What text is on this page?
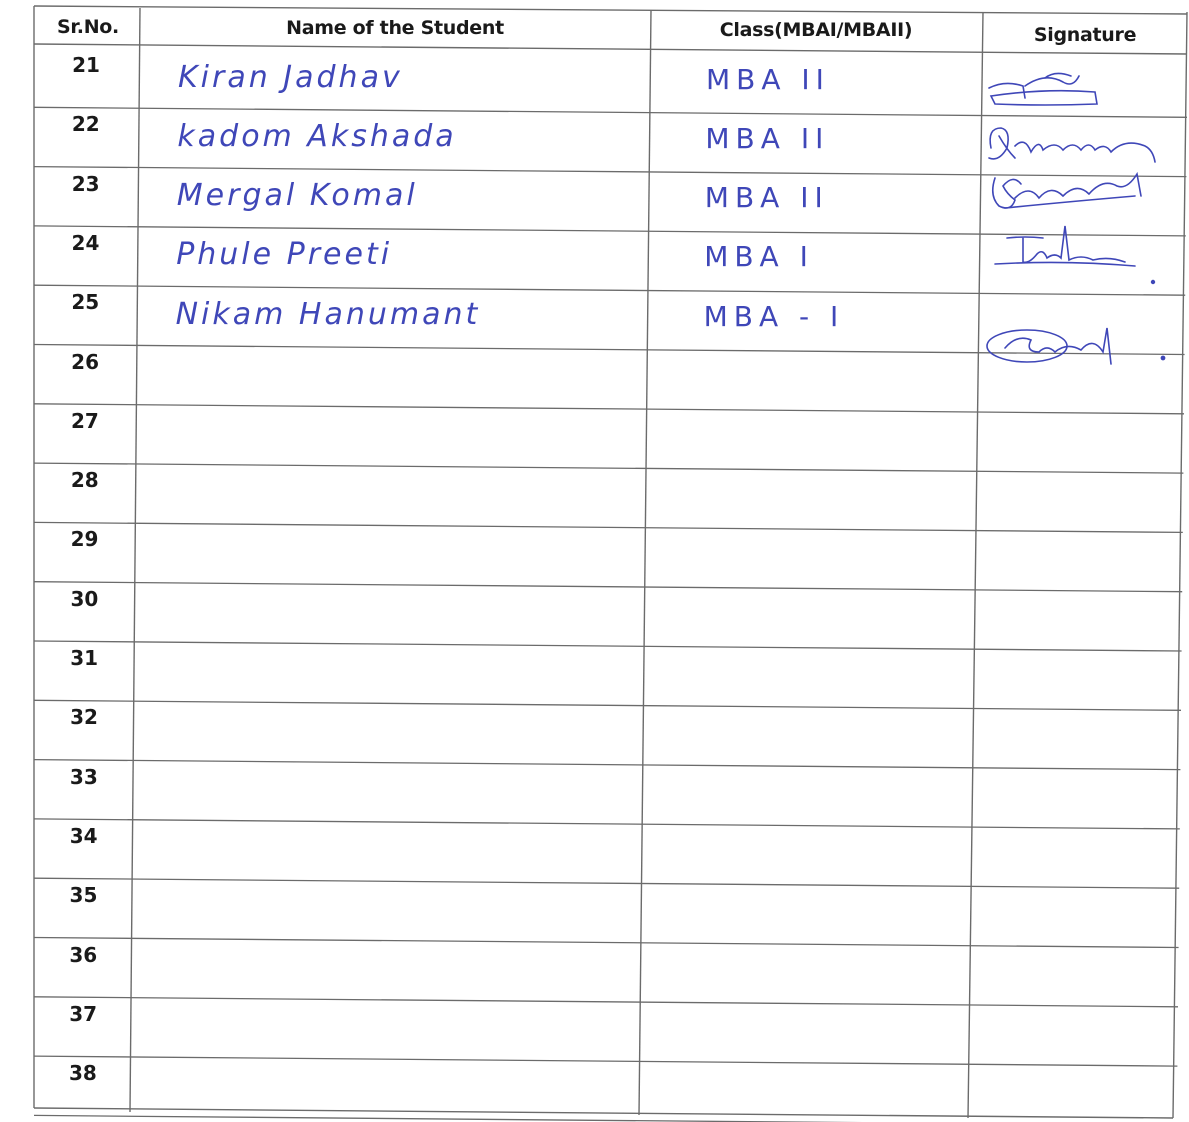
Sr.No.	Name of the Student	Class(MBAI/MBAII)	Signature
21	Kiran Jadhav	MBA II
22	kadom Akshada	MBA II
23	Mergal Komal	MBA II
24	Phule Preeti	MBA I
25	Nikam Hanumant	MBA - I
26
27
28
29
30
31
32
33
34
35
36
37
38
